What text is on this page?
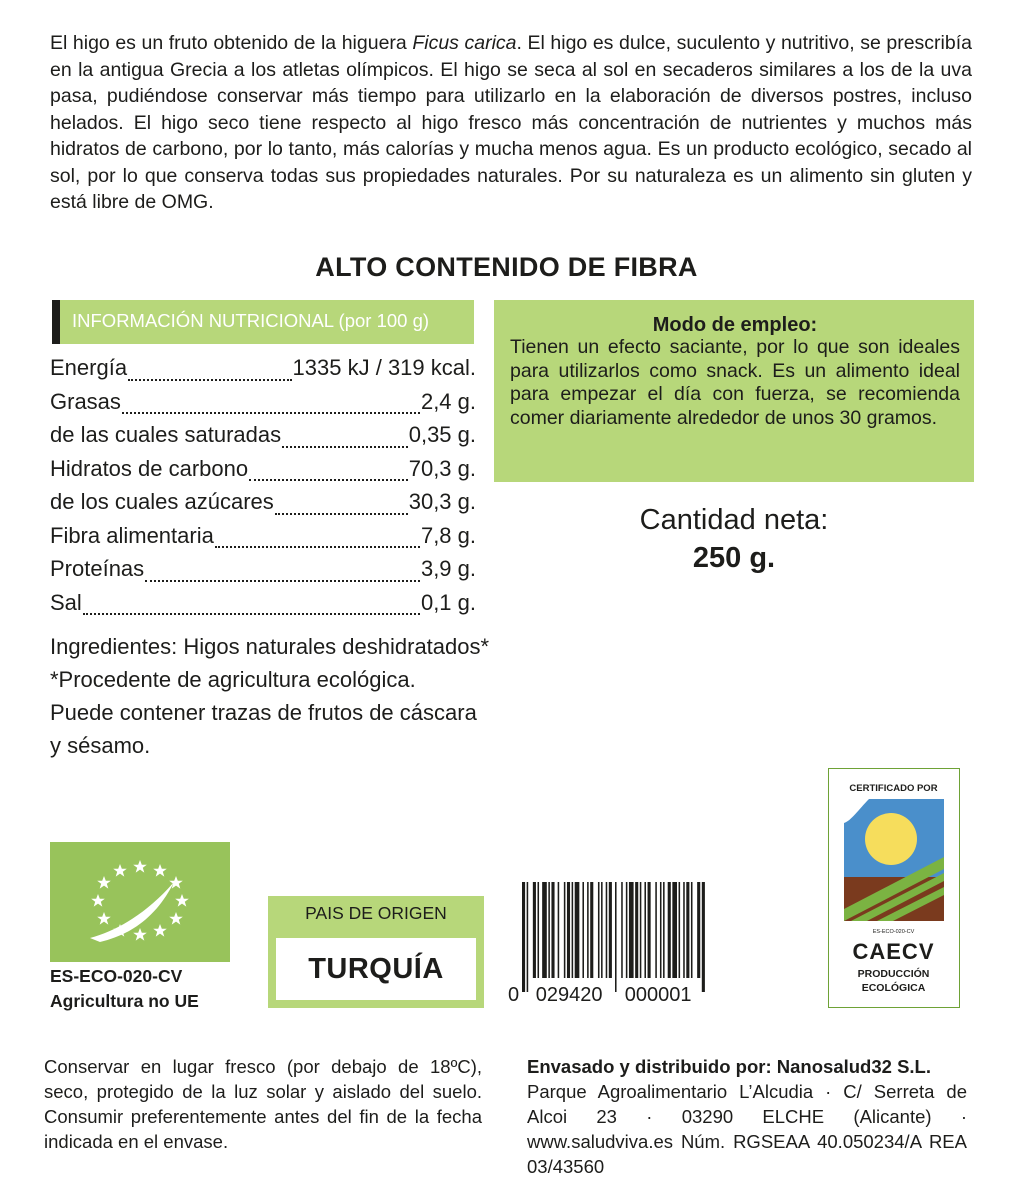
El higo es un fruto obtenido de la higuera Ficus carica. El higo es dulce, suculento y nutritivo, se prescribía en la antigua Grecia a los atletas olímpicos. El higo se seca al sol en secaderos similares a los de la uva pasa, pudiéndose conservar más tiempo para utilizarlo en la elaboración de diversos postres, incluso helados. El higo seco tiene respecto al higo fresco más concentración de nutrientes y muchos más hidratos de carbono, por lo tanto, más calorías y mucha menos agua. Es un producto ecológico, secado al sol, por lo que conserva todas sus propiedades naturales. Por su naturaleza es un alimento sin gluten y está libre de OMG.

ALTO CONTENIDO DE FIBRA
INFORMACIÓN NUTRICIONAL (por 100 g)
Energía	1335 kJ / 319 kcal.
Grasas	2,4 g.
de las cuales saturadas	0,35 g.
Hidratos de carbono	70,3 g.
de los cuales azúcares	30,3 g.
Fibra alimentaria	7,8 g.
Proteínas	3,9 g.
Sal	0,1 g.

Ingredientes: Higos naturales deshidratados*
*Procedente de agricultura ecológica.
Puede contener trazas de frutos de cáscara y sésamo.

Modo de empleo:

Tienen un efecto saciante, por lo que son ideales para utilizarlos como snack. Es un alimento ideal para empezar el día con fuerza, se recomienda comer diariamente alrededor de unos 30 gramos.

Cantidad neta:

250 g.

ES-ECO-020-CV
Agricultura no UE

PAIS DE ORIGEN
TURQUÍA

0 029420 000001

CERTIFICADO POR
ES-ECO-020-CV
CAECV
PRODUCCIÓN
ECOLÓGICA

Conservar en lugar fresco (por debajo de 18ºC), seco, protegido de la luz solar y aislado del suelo. Consumir preferentemente antes del fin de la fecha indicada en el envase.

Envasado y distribuido por: Nanosalud32 S.L.
Parque Agroalimentario L’Alcudia · C/ Serreta de Alcoi 23 · 03290 ELCHE (Alicante) · www.saludviva.es Núm. RGSEAA 40.050234/A REA 03/43560
